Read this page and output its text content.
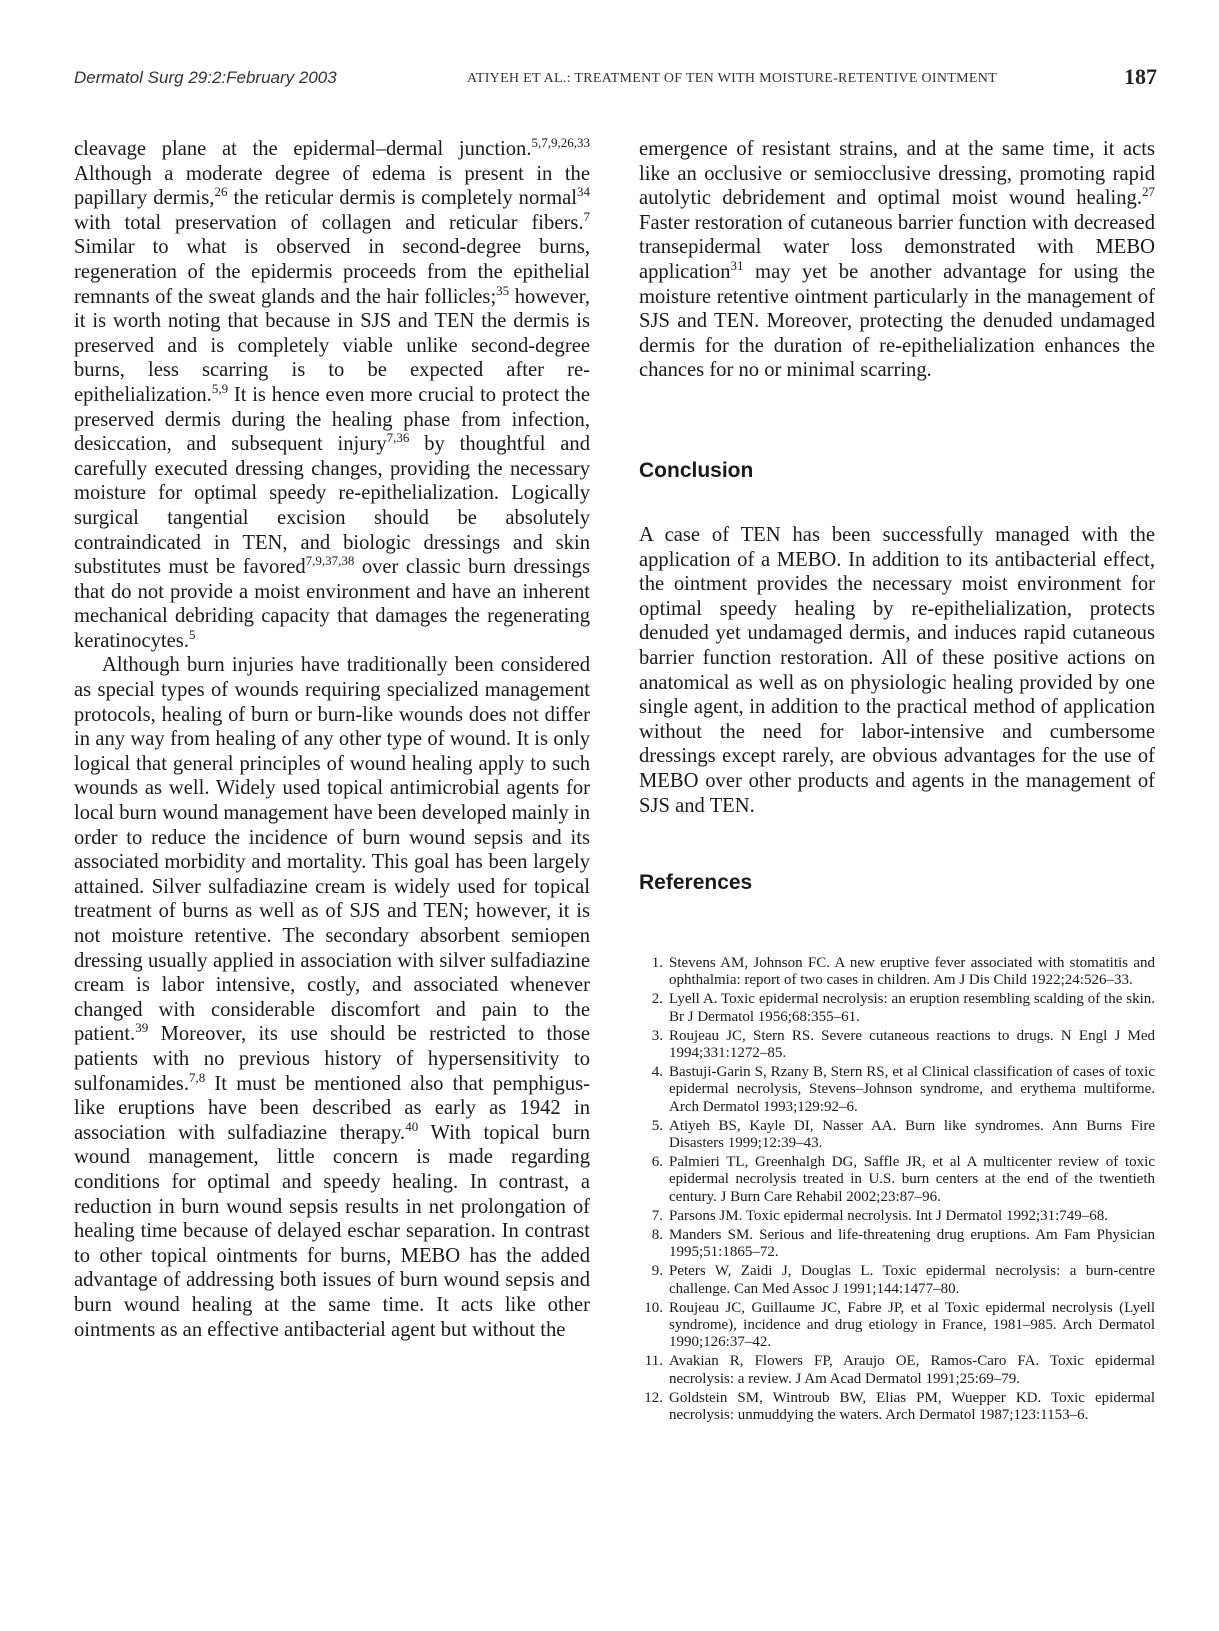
Dermatol Surg 29:2:February 2003	ATIYEH ET AL.: TREATMENT OF TEN WITH MOISTURE-RETENTIVE OINTMENT	187

cleavage plane at the epidermal–dermal junction.$^{5,7,9,26,33}$ Although a moderate degree of edema is present in the papillary dermis,$^{26}$ the reticular dermis is completely normal$^{34}$ with total preservation of collagen and reticular fibers.$^7$ Similar to what is observed in second-degree burns, regeneration of the epidermis proceeds from the epithelial remnants of the sweat glands and the hair follicles;$^{35}$ however, it is worth noting that because in SJS and TEN the dermis is preserved and is completely viable unlike second-degree burns, less scarring is to be expected after re-epithelialization.$^{5,9}$ It is hence even more crucial to protect the preserved dermis during the healing phase from infection, desiccation, and subsequent injury$^{7,36}$ by thoughtful and carefully executed dressing changes, providing the necessary moisture for optimal speedy re-epithelialization. Logically surgical tangential excision should be absolutely contraindicated in TEN, and biologic dressings and skin substitutes must be favored$^{7,9,37,38}$ over classic burn dressings that do not provide a moist environment and have an inherent mechanical debriding capacity that damages the regenerating keratinocytes.$^5$

Although burn injuries have traditionally been considered as special types of wounds requiring specialized management protocols, healing of burn or burn-like wounds does not differ in any way from healing of any other type of wound. It is only logical that general principles of wound healing apply to such wounds as well. Widely used topical antimicrobial agents for local burn wound management have been developed mainly in order to reduce the incidence of burn wound sepsis and its associated morbidity and mortality. This goal has been largely attained. Silver sulfadiazine cream is widely used for topical treatment of burns as well as of SJS and TEN; however, it is not moisture retentive. The secondary absorbent semiopen dressing usually applied in association with silver sulfadiazine cream is labor intensive, costly, and associated whenever changed with considerable discomfort and pain to the patient.$^{39}$ Moreover, its use should be restricted to those patients with no previous history of hypersensitivity to sulfonamides.$^{7,8}$ It must be mentioned also that pemphigus-like eruptions have been described as early as 1942 in association with sulfadiazine therapy.$^{40}$ With topical burn wound management, little concern is made regarding conditions for optimal and speedy healing. In contrast, a reduction in burn wound sepsis results in net prolongation of healing time because of delayed eschar separation. In contrast to other topical ointments for burns, MEBO has the added advantage of addressing both issues of burn wound sepsis and burn wound healing at the same time. It acts like other ointments as an effective antibacterial agent but without the

emergence of resistant strains, and at the same time, it acts like an occlusive or semiocclusive dressing, promoting rapid autolytic debridement and optimal moist wound healing.$^{27}$ Faster restoration of cutaneous barrier function with decreased transepidermal water loss demonstrated with MEBO application$^{31}$ may yet be another advantage for using the moisture retentive ointment particularly in the management of SJS and TEN. Moreover, protecting the denuded undamaged dermis for the duration of re-epithelialization enhances the chances for no or minimal scarring.

Conclusion

A case of TEN has been successfully managed with the application of a MEBO. In addition to its antibacterial effect, the ointment provides the necessary moist environment for optimal speedy healing by re-epithelialization, protects denuded yet undamaged dermis, and induces rapid cutaneous barrier function restoration. All of these positive actions on anatomical as well as on physiologic healing provided by one single agent, in addition to the practical method of application without the need for labor-intensive and cumbersome dressings except rarely, are obvious advantages for the use of MEBO over other products and agents in the management of SJS and TEN.

References
1. Stevens AM, Johnson FC. A new eruptive fever associated with stomatitis and ophthalmia: report of two cases in children. Am J Dis Child 1922;24:526–33.
2. Lyell A. Toxic epidermal necrolysis: an eruption resembling scalding of the skin. Br J Dermatol 1956;68:355–61.
3. Roujeau JC, Stern RS. Severe cutaneous reactions to drugs. N Engl J Med 1994;331:1272–85.
4. Bastuji-Garin S, Rzany B, Stern RS, et al Clinical classification of cases of toxic epidermal necrolysis, Stevens–Johnson syndrome, and erythema multiforme. Arch Dermatol 1993;129:92–6.
5. Atiyeh BS, Kayle DI, Nasser AA. Burn like syndromes. Ann Burns Fire Disasters 1999;12:39–43.
6. Palmieri TL, Greenhalgh DG, Saffle JR, et al A multicenter review of toxic epidermal necrolysis treated in U.S. burn centers at the end of the twentieth century. J Burn Care Rehabil 2002;23:87–96.
7. Parsons JM. Toxic epidermal necrolysis. Int J Dermatol 1992;31:749–68.
8. Manders SM. Serious and life-threatening drug eruptions. Am Fam Physician 1995;51:1865–72.
9. Peters W, Zaidi J, Douglas L. Toxic epidermal necrolysis: a burn-centre challenge. Can Med Assoc J 1991;144:1477–80.
10. Roujeau JC, Guillaume JC, Fabre JP, et al Toxic epidermal necrolysis (Lyell syndrome), incidence and drug etiology in France, 1981–985. Arch Dermatol 1990;126:37–42.
11. Avakian R, Flowers FP, Araujo OE, Ramos-Caro FA. Toxic epidermal necrolysis: a review. J Am Acad Dermatol 1991;25:69–79.
12. Goldstein SM, Wintroub BW, Elias PM, Wuepper KD. Toxic epidermal necrolysis: unmuddying the waters. Arch Dermatol 1987;123:1153–6.
